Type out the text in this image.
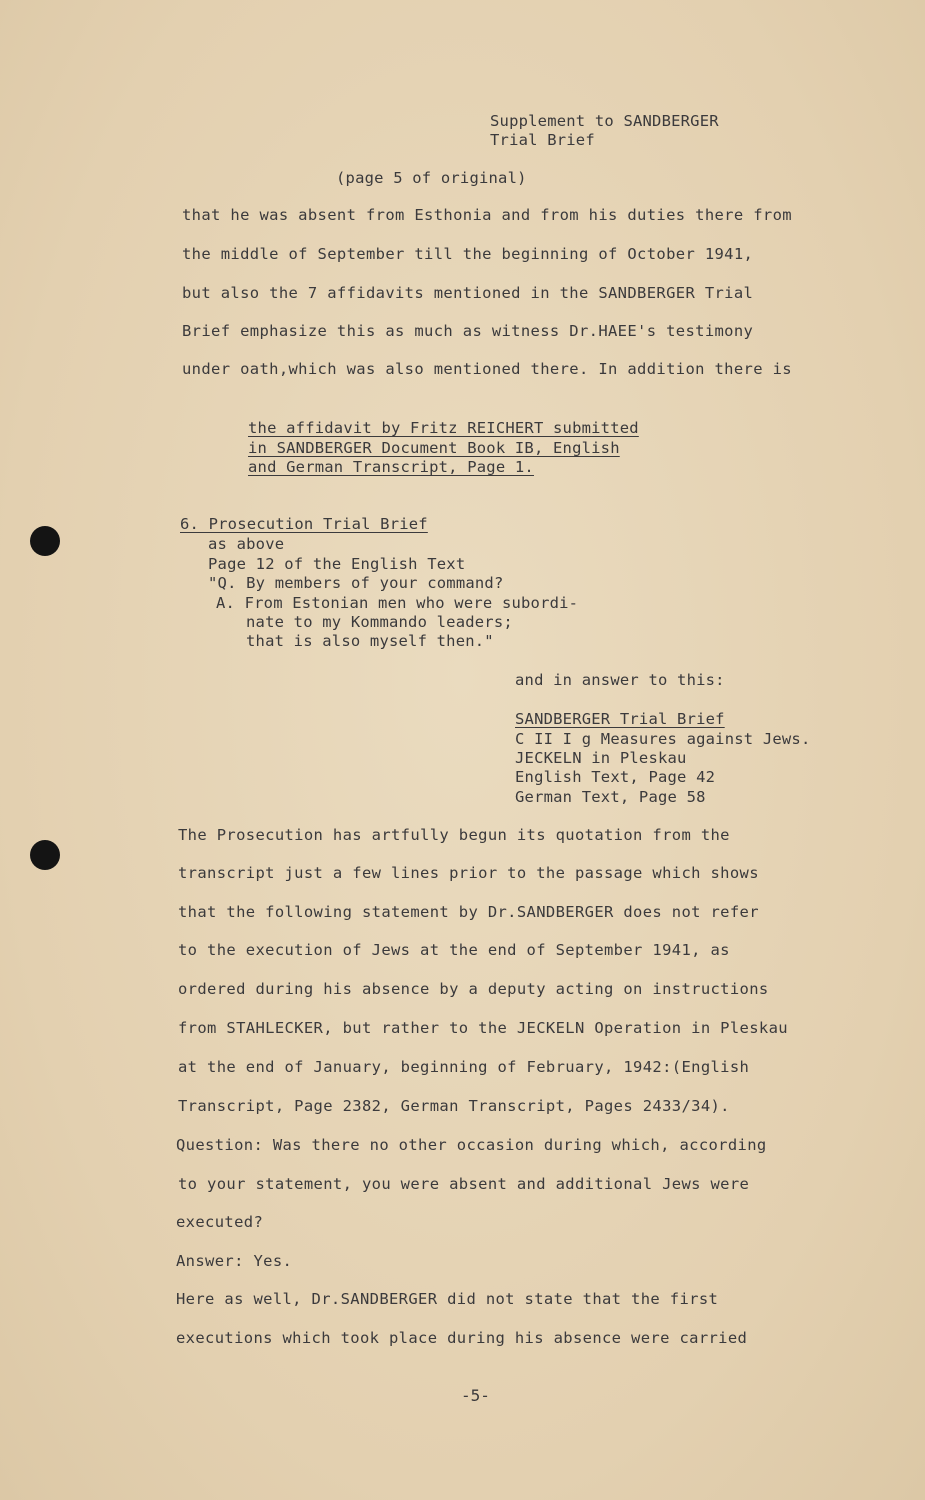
Supplement to SANDBERGER
Trial Brief
(page 5 of original)
that he was absent from Esthonia and from his duties there from
the middle of September till the beginning of October 1941,
but also the 7 affidavits mentioned in the SANDBERGER Trial
Brief emphasize this as much as witness Dr.HAEE's testimony
under oath,which was also mentioned there. In addition there is
the affidavit by Fritz REICHERT submitted
in SANDBERGER Document Book IB, English
and German Transcript, Page 1.
6. Prosecution Trial Brief
as above
Page 12 of the English Text
"Q. By members of your command?
A. From Estonian men who were subordi-
nate to my Kommando leaders;
that is also myself then."
and in answer to this:
SANDBERGER Trial Brief
C II I g Measures against Jews.
JECKELN in Pleskau
English Text, Page 42
German Text, Page 58
The Prosecution has artfully begun its quotation from the
transcript just a few lines prior to the passage which shows
that the following statement by Dr.SANDBERGER does not refer
to the execution of Jews at the end of September 1941, as
ordered during his absence by a deputy acting on instructions
from STAHLECKER, but rather to the JECKELN Operation in Pleskau
at the end of January, beginning of February, 1942:(English
Transcript, Page 2382, German Transcript, Pages 2433/34).
Question: Was there no other occasion during which, according
to your statement, you were absent and additional Jews were
executed?
Answer: Yes.
Here as well, Dr.SANDBERGER did not state that the first
executions which took place during his absence were carried
-5-
